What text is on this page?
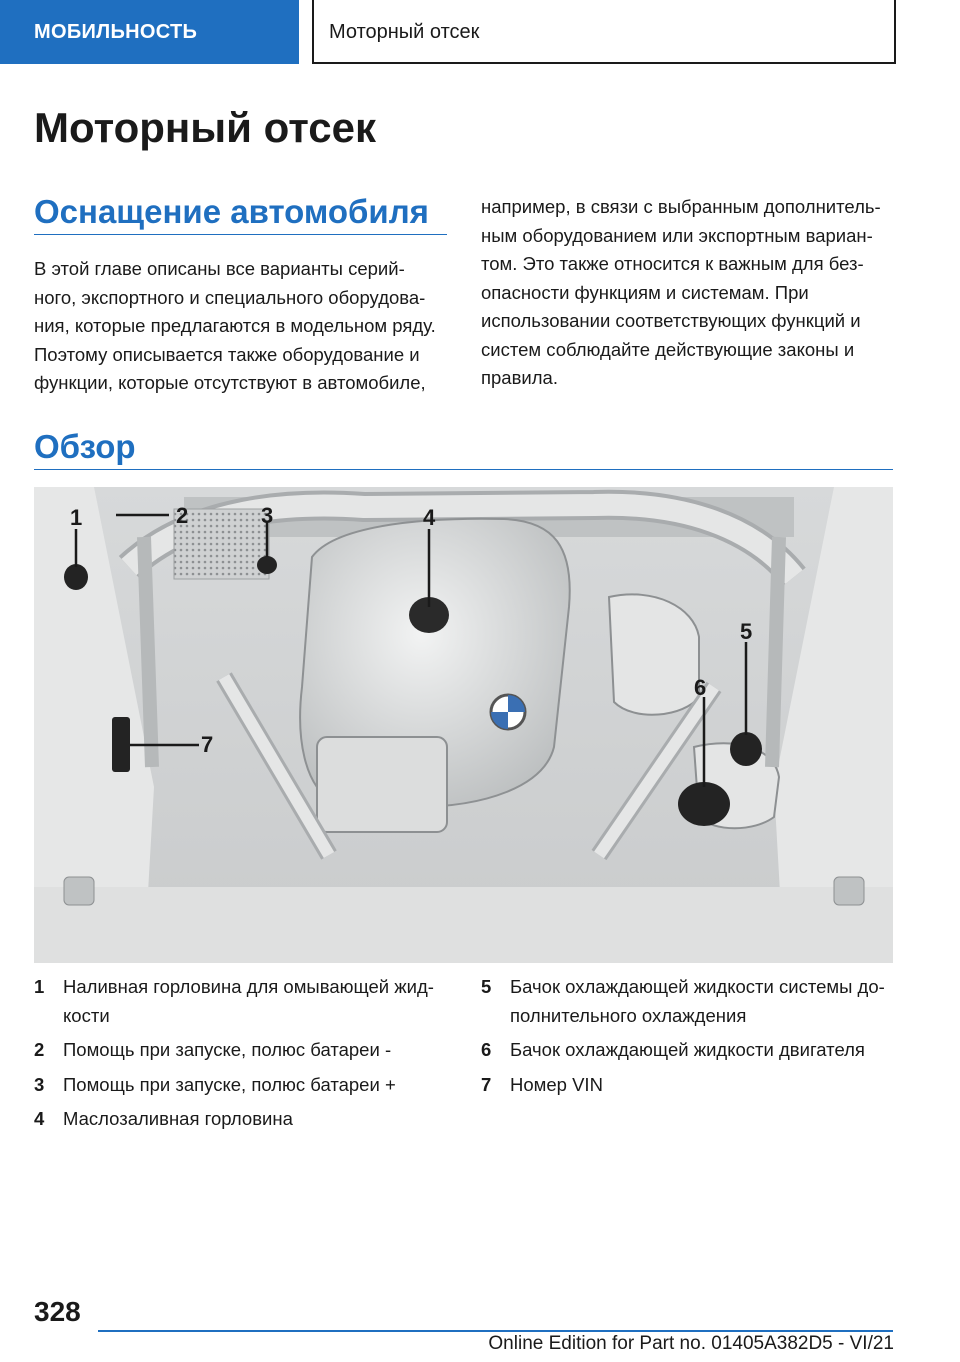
МОБИЛЬНОСТЬ	Моторный отсек
Моторный отсек
Оснащение автомобиля
В этой главе описаны все варианты серий-
ного, экспортного и специального оборудова-
ния, которые предлагаются в модельном ряду.
Поэтому описывается также оборудование и
функции, которые отсутствуют в автомобиле,
например, в связи с выбранным дополнитель-
ным оборудованием или экспортным вариан-
том. Это также относится к важным для без-
опасности функциям и системам. При
использовании соответствующих функций и
систем соблюдайте действующие законы и
правила.
Обзор
1	2	3	4
5
6
7
1	Наливная горловина для омывающей жид-
кости
2	Помощь при запуске, полюс батареи -
3	Помощь при запуске, полюс батареи +
4	Маслозаливная горловина
5	Бачок охлаждающей жидкости системы до-
полнительного охлаждения
6	Бачок охлаждающей жидкости двигателя
7	Номер VIN
328
Online Edition for Part no. 01405A382D5 - VI/21
